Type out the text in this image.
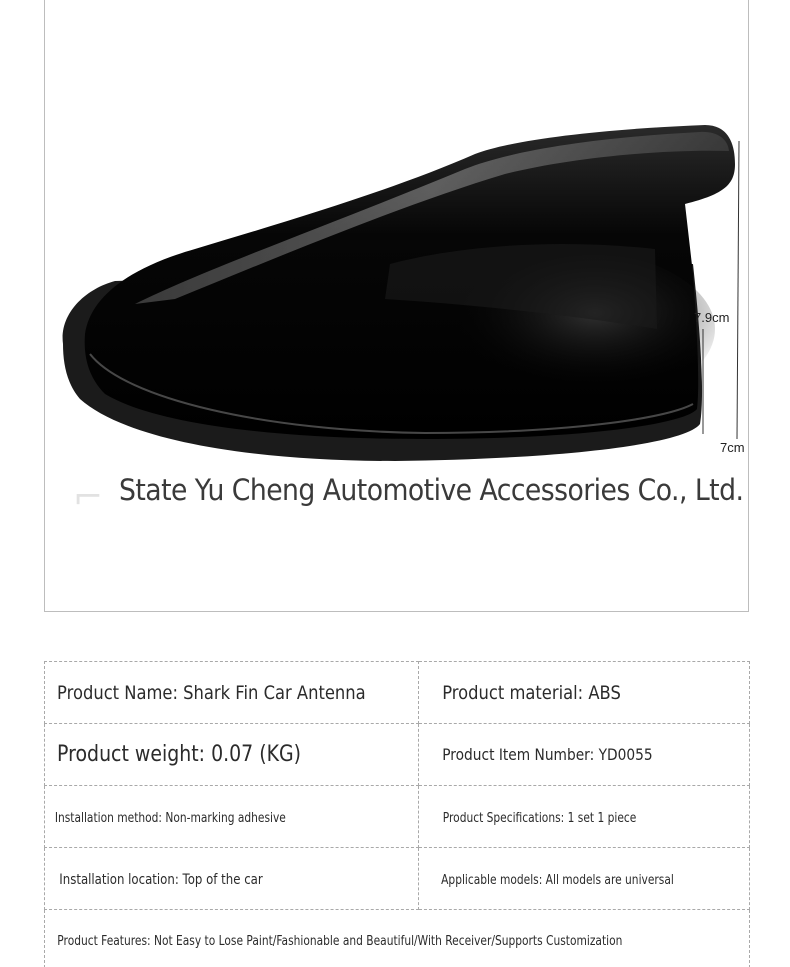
7.9cm
7cm
⌐ State Yu Cheng Automotive Accessories Co., Ltd.
Product Name: Shark Fin Car Antenna	Product material: ABS
Product weight: 0.07 (KG)	Product Item Number: YD0055
Installation method: Non-marking adhesive	Product Specifications: 1 set 1 piece
Installation location: Top of the car	Applicable models: All models are universal
Product Features: Not Easy to Lose Paint/Fashionable and Beautiful/With Receiver/Supports Customization	
